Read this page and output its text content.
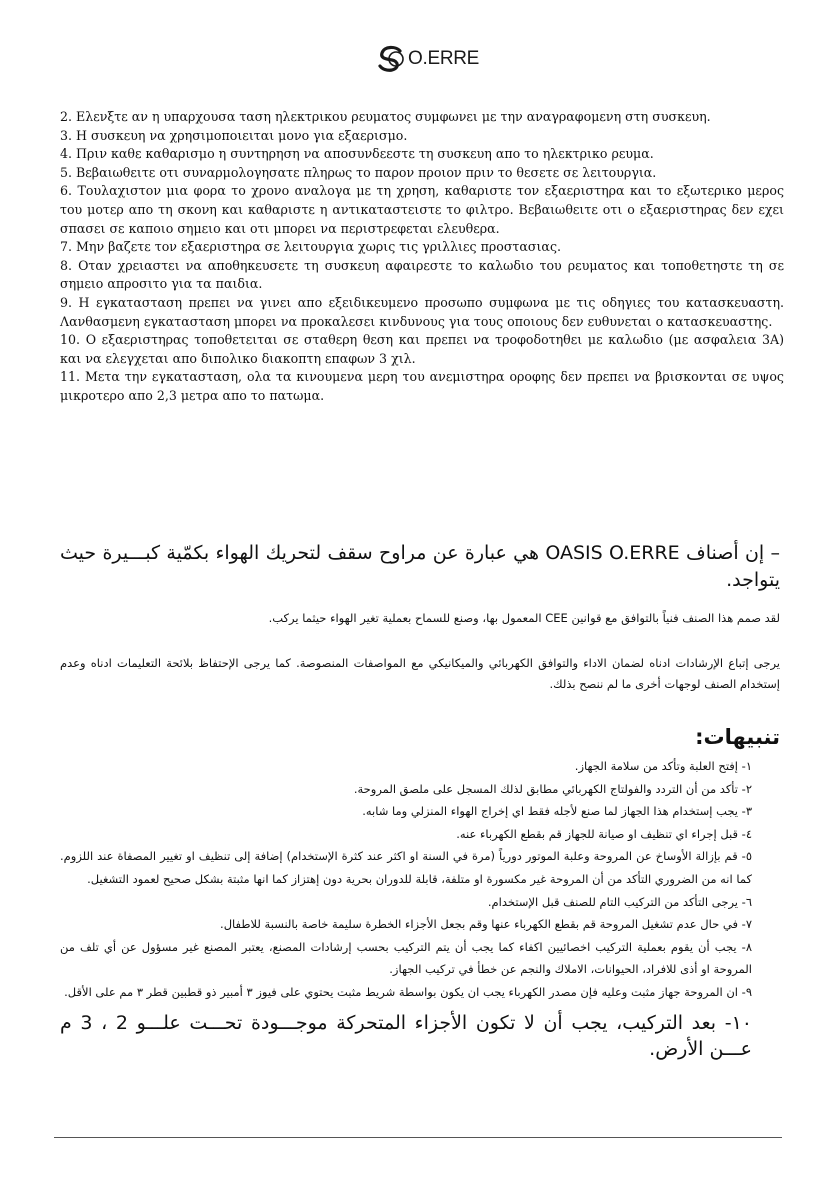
O.ERRE

2. Ελενξτε αν η υπαρχουσα ταση ηλεκτρικου ρευματος συμφωνει με την αναγραφομενη στη συσκευη.

3. Η συσκευη να χρησιμοποιειται μονο για εξαερισμο.

4. Πριν καθε καθαρισμο η συντηρηση να αποσυνδεεστε τη συσκευη απο το ηλεκτρικο ρευμα.

5. Βεβαιωθειτε οτι συναρμολογησατε πληρως το παρον προιον πριν το θεσετε σε λειτουργια.

6. Τουλαχιστον μια φορα το χρονο αναλογα με τη χρηση, καθαριστε τον εξαεριστηρα και το εξωτερικο μερος του μοτερ απο τη σκονη και καθαριστε η αντικαταστειστε το φιλτρο. Βεβαιωθειτε οτι ο εξαεριστηρας δεν εχει σπασει σε καποιο σημειο και οτι μπορει να περιστρεφεται ελευθερα.

7. Μην βαζετε τον εξαεριστηρα σε λειτουργια χωρις τις γριλλιες προστασιας.

8. Οταν χρειαστει να αποθηκευσετε τη συσκευη αφαιρεστε το καλωδιο του ρευματος και τοποθετηστε τη σε σημειο απροσιτο για τα παιδια.

9. Η εγκατασταση πρεπει να γινει απο εξειδικευμενο προσωπο συμφωνα με τις οδηγιες του κατασκευαστη. Λανθασμενη εγκατασταση μπορει να προκαλεσει κινδυνους για τους οποιους δεν ευθυνεται ο κατασκευαστης.

10. Ο εξαεριστηρας τοποθετειται σε σταθερη θεση και πρεπει να τροφοδοτηθει με καλωδιο (με ασφαλεια 3Α) και να ελεγχεται απο διπολικο διακοπτη επαφων 3 χιλ.

11. Μετα την εγκατασταση, ολα τα κινουμενα μερη του ανεμιστηρα οροφης δεν πρεπει να βρισκονται σε υψος μικροτερο απο 2,3 μετρα απο το πατωμα.

– إن أصناف OASIS O.ERRE هي عبارة عن مراوح سقف لتحريك الهواء بكمّية كبـــيرة حيث يتواجد.

لقد صمم هذا الصنف فنياً بالتوافق مع قوانين CEE المعمول بها، وصنع للسماح بعملية تغير الهواء حيثما يركب.

يرجى إتباع الإرشادات ادناه لضمان الاداء والتوافق الكهربائي والميكانيكي مع المواصفات المنصوصة. كما يرجى الإحتفاظ بلائحة التعليمات ادناه وعدم إستخدام الصنف لوجهات أخرى ما لم ننصح بذلك.

تنبيهات:

١- إفتح العلبة وتأكد من سلامة الجهاز.

٢- تأكد من أن التردد والفولتاج الكهربائي مطابق لذلك المسجل على ملصق المروحة.

٣- يجب إستخدام هذا الجهاز لما صنع لأجله فقط اي إخراج الهواء المنزلي وما شابه.

٤- قبل إجراء اي تنظيف او صيانة للجهاز قم بقطع الكهرباء عنه.

٥- قم بإزالة الأوساخ عن المروحة وعلبة الموتور دورياً (مرة في السنة او اكثر عند كثرة الإستخدام) إضافة إلى تنظيف او تغيير المصفاة عند اللزوم. كما انه من الضروري التأكد من أن المروحة غير مكسورة او متلفة، قابلة للدوران بحرية دون إهتزاز كما انها مثبتة بشكل صحيح لعمود التشغيل.

٦- يرجى التأكد من التركيب التام للصنف قبل الإستخدام.

٧- في حال عدم تشغيل المروحة قم بقطع الكهرباء عنها وقم بجعل الأجزاء الخطرة سليمة خاصة بالنسبة للاطفال.

٨- يجب أن يقوم بعملية التركيب اخصائيين اكفاء كما يجب أن يتم التركيب بحسب إرشادات المصنع، يعتبر المصنع غير مسؤول عن أي تلف من المروحة او أذى للافراد، الحيوانات، الاملاك والنجم عن خطأ في تركيب الجهاز.

٩- ان المروحة جهاز مثبت وعليه فإن مصدر الكهرباء يجب ان يكون بواسطة شريط مثبت يحتوي على فيوز ٣ أمبير ذو قطبين قطر ٣ مم على الأقل.

١٠- بعد التركيب، يجب أن لا تكون الأجزاء المتحركة موجـــودة تحـــت علـــو 2 ، 3 م عـــن الأرض.
